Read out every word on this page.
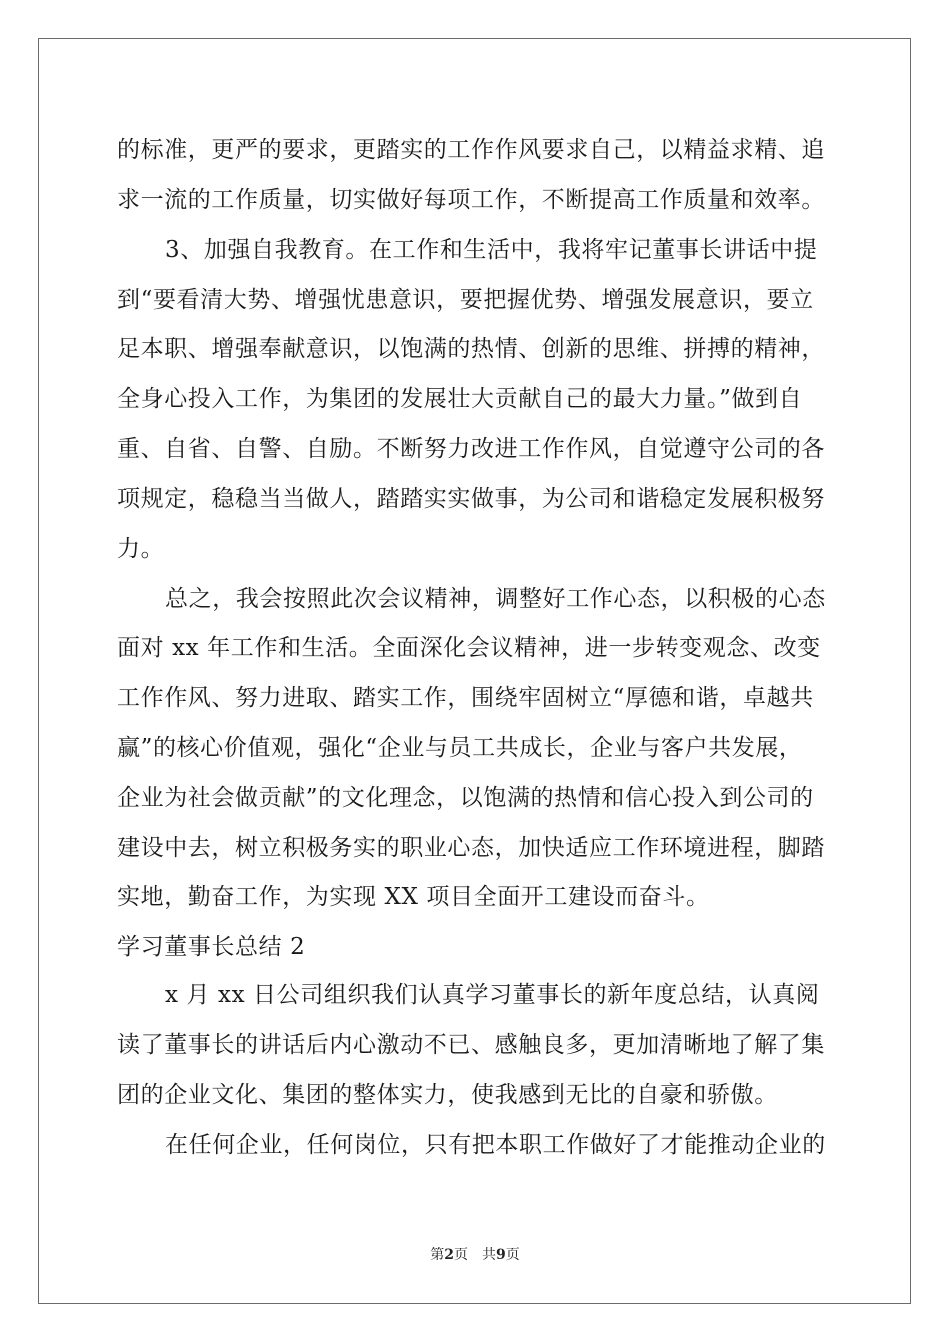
的标准，更严的要求，更踏实的工作作风要求自己，以精益求精、追
求一流的工作质量，切实做好每项工作，不断提高工作质量和效率。
3、加强自我教育。在工作和生活中，我将牢记董事长讲话中提
到“要看清大势、增强忧患意识，要把握优势、增强发展意识，要立
足本职、增强奉献意识，以饱满的热情、创新的思维、拼搏的精神，
全身心投入工作，为集团的发展壮大贡献自己的最大力量。”做到自
重、自省、自警、自励。不断努力改进工作作风，自觉遵守公司的各
项规定，稳稳当当做人，踏踏实实做事，为公司和谐稳定发展积极努
力。
总之，我会按照此次会议精神，调整好工作心态，以积极的心态
面对 xx 年工作和生活。全面深化会议精神，进一步转变观念、改变
工作作风、努力进取、踏实工作，围绕牢固树立“厚德和谐，卓越共
赢”的核心价值观，强化“企业与员工共成长，企业与客户共发展，
企业为社会做贡献”的文化理念，以饱满的热情和信心投入到公司的
建设中去，树立积极务实的职业心态，加快适应工作环境进程，脚踏
实地，勤奋工作，为实现 XX 项目全面开工建设而奋斗。
学习董事长总结 2
x 月 xx 日公司组织我们认真学习董事长的新年度总结，认真阅
读了董事长的讲话后内心激动不已、感触良多，更加清晰地了解了集
团的企业文化、集团的整体实力，使我感到无比的自豪和骄傲。
在任何企业，任何岗位，只有把本职工作做好了才能推动企业的
第2页 共9页
